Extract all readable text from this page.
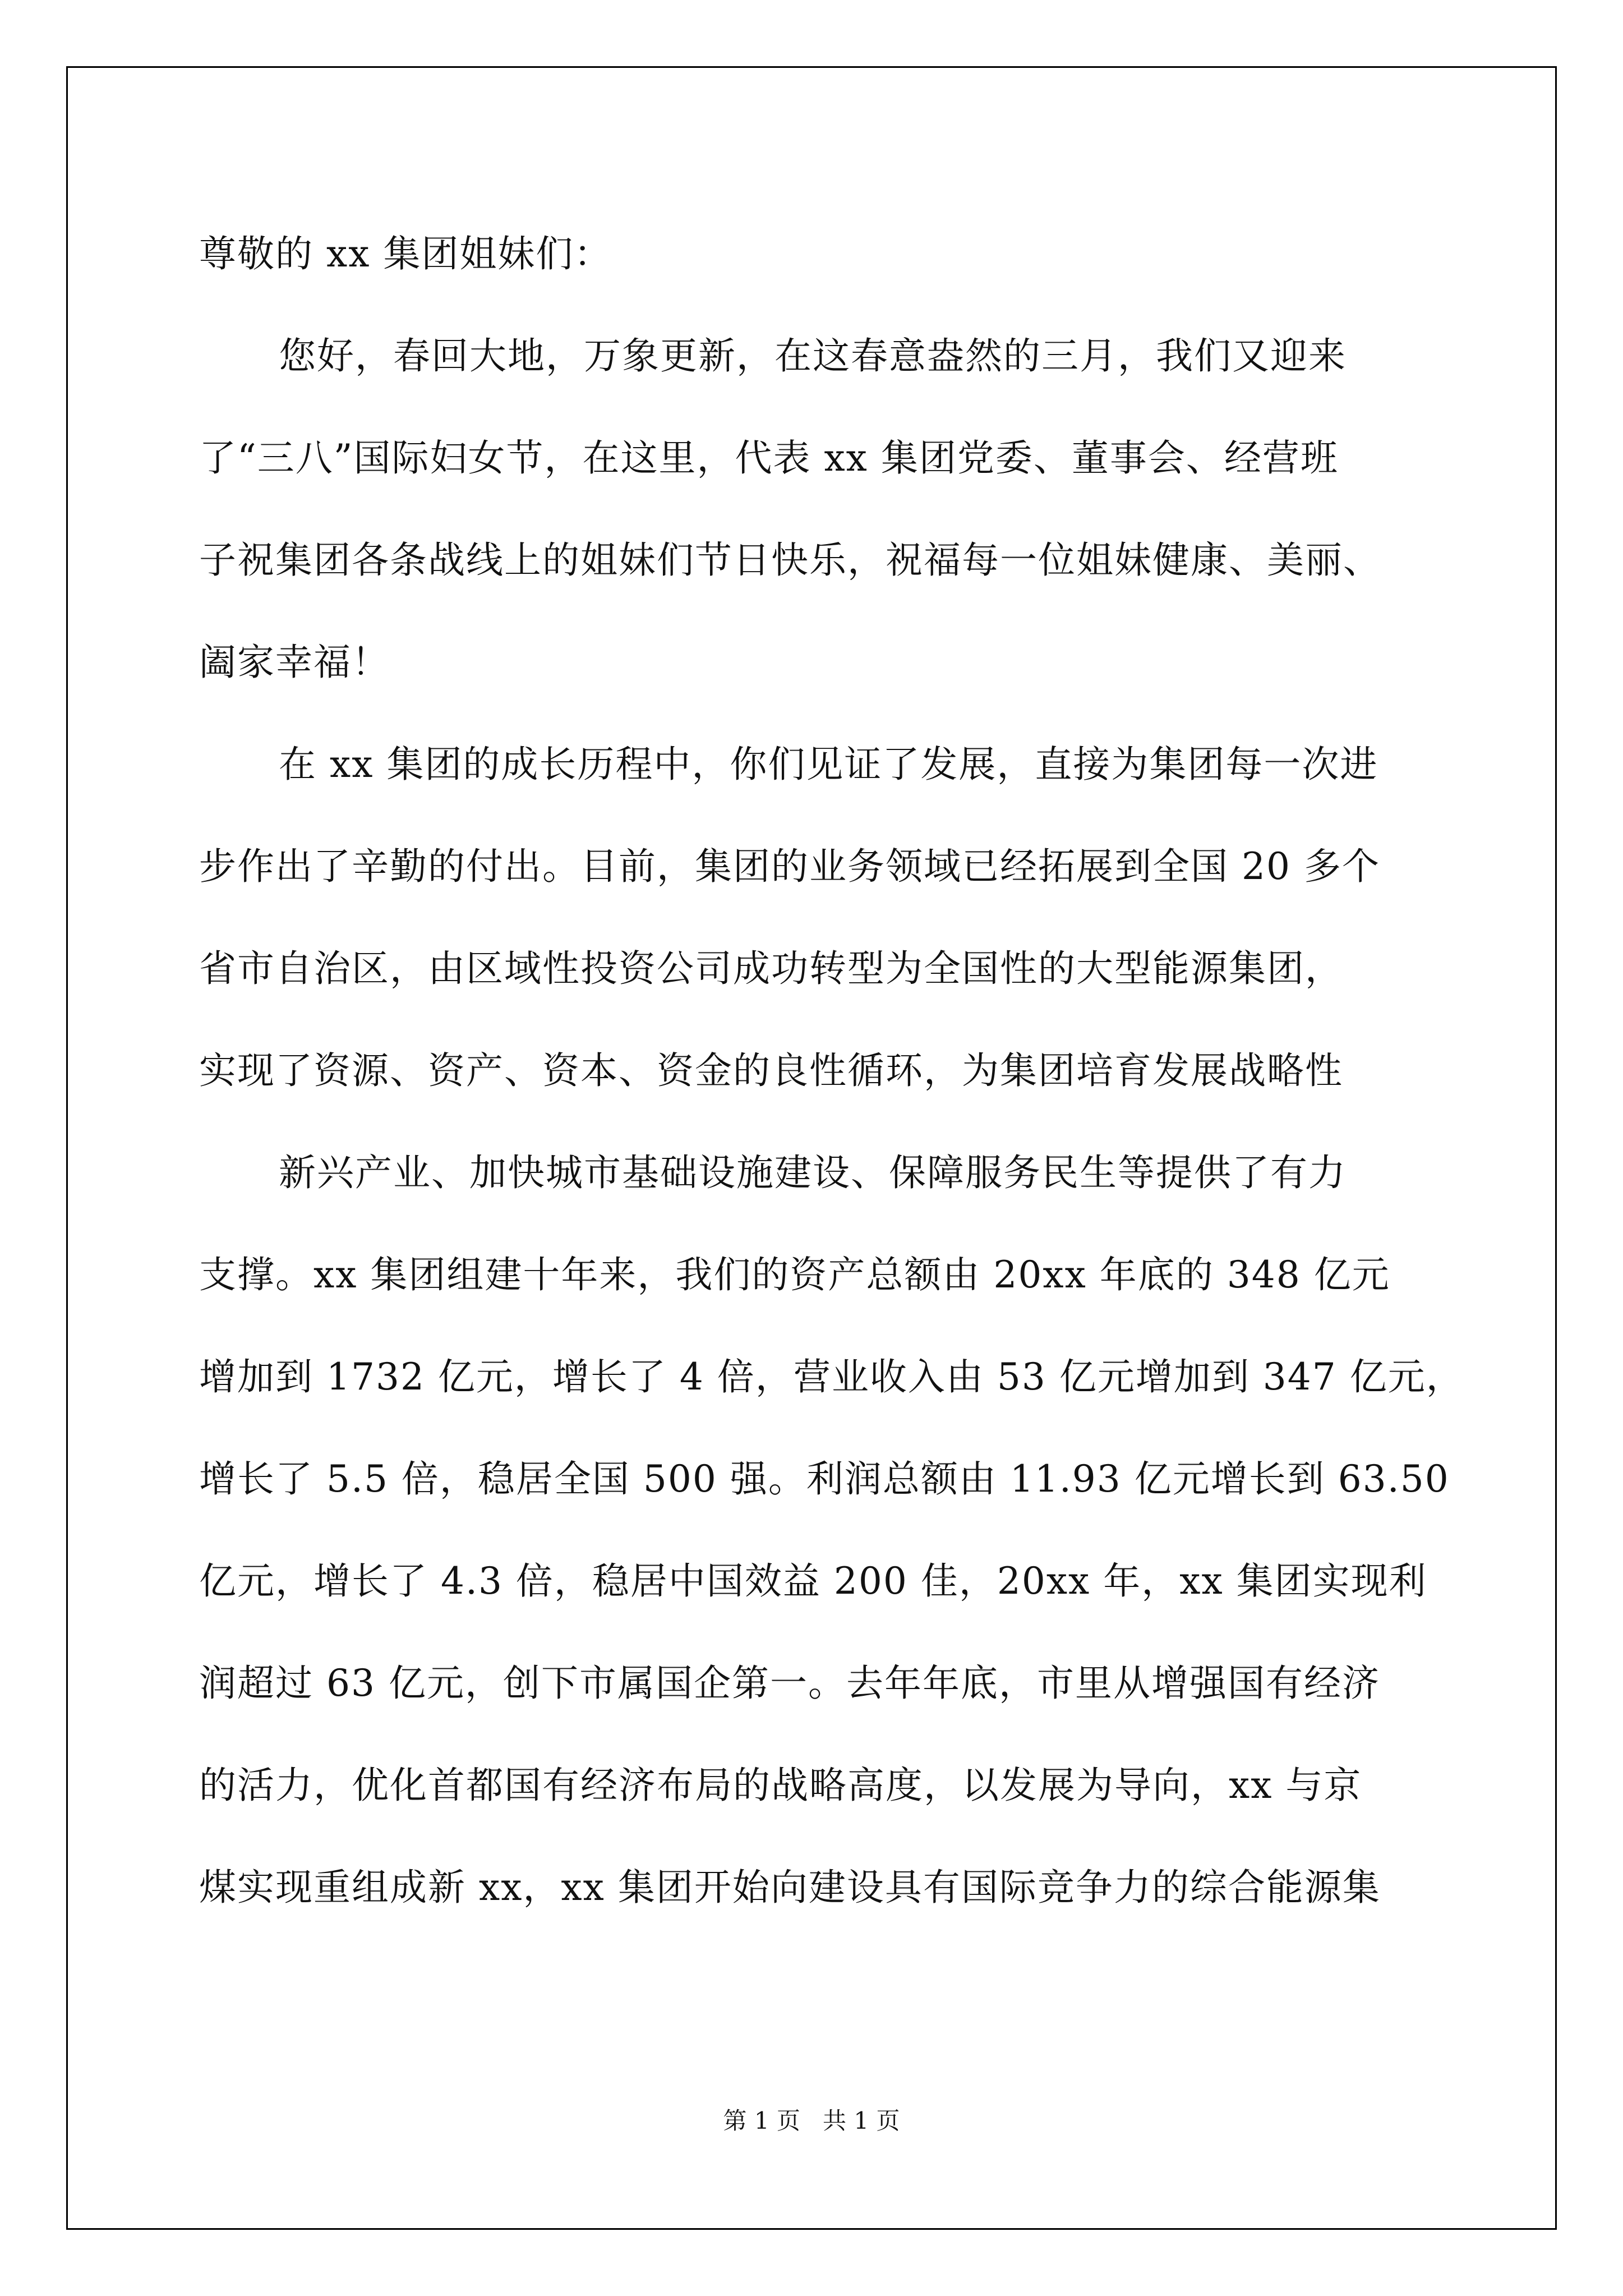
尊敬的 xx 集团姐妹们：
您好，春回大地，万象更新，在这春意盎然的三月，我们又迎来
了“三八”国际妇女节，在这里，代表 xx 集团党委、董事会、经营班
子祝集团各条战线上的姐妹们节日快乐，祝福每一位姐妹健康、美丽、
阖家幸福！
在 xx 集团的成长历程中，你们见证了发展，直接为集团每一次进
步作出了辛勤的付出。目前，集团的业务领域已经拓展到全国 20 多个
省市自治区，由区域性投资公司成功转型为全国性的大型能源集团，
实现了资源、资产、资本、资金的良性循环，为集团培育发展战略性
新兴产业、加快城市基础设施建设、保障服务民生等提供了有力
支撑。xx 集团组建十年来，我们的资产总额由 20xx 年底的 348 亿元
增加到 1732 亿元，增长了 4 倍，营业收入由 53 亿元增加到 347 亿元，
增长了 5.5 倍，稳居全国 500 强。利润总额由 11.93 亿元增长到 63.50
亿元，增长了 4.3 倍，稳居中国效益 200 佳，20xx 年，xx 集团实现利
润超过 63 亿元，创下市属国企第一。去年年底，市里从增强国有经济
的活力，优化首都国有经济布局的战略高度，以发展为导向，xx 与京
煤实现重组成新 xx，xx 集团开始向建设具有国际竞争力的综合能源集
第 1 页   共 1 页
